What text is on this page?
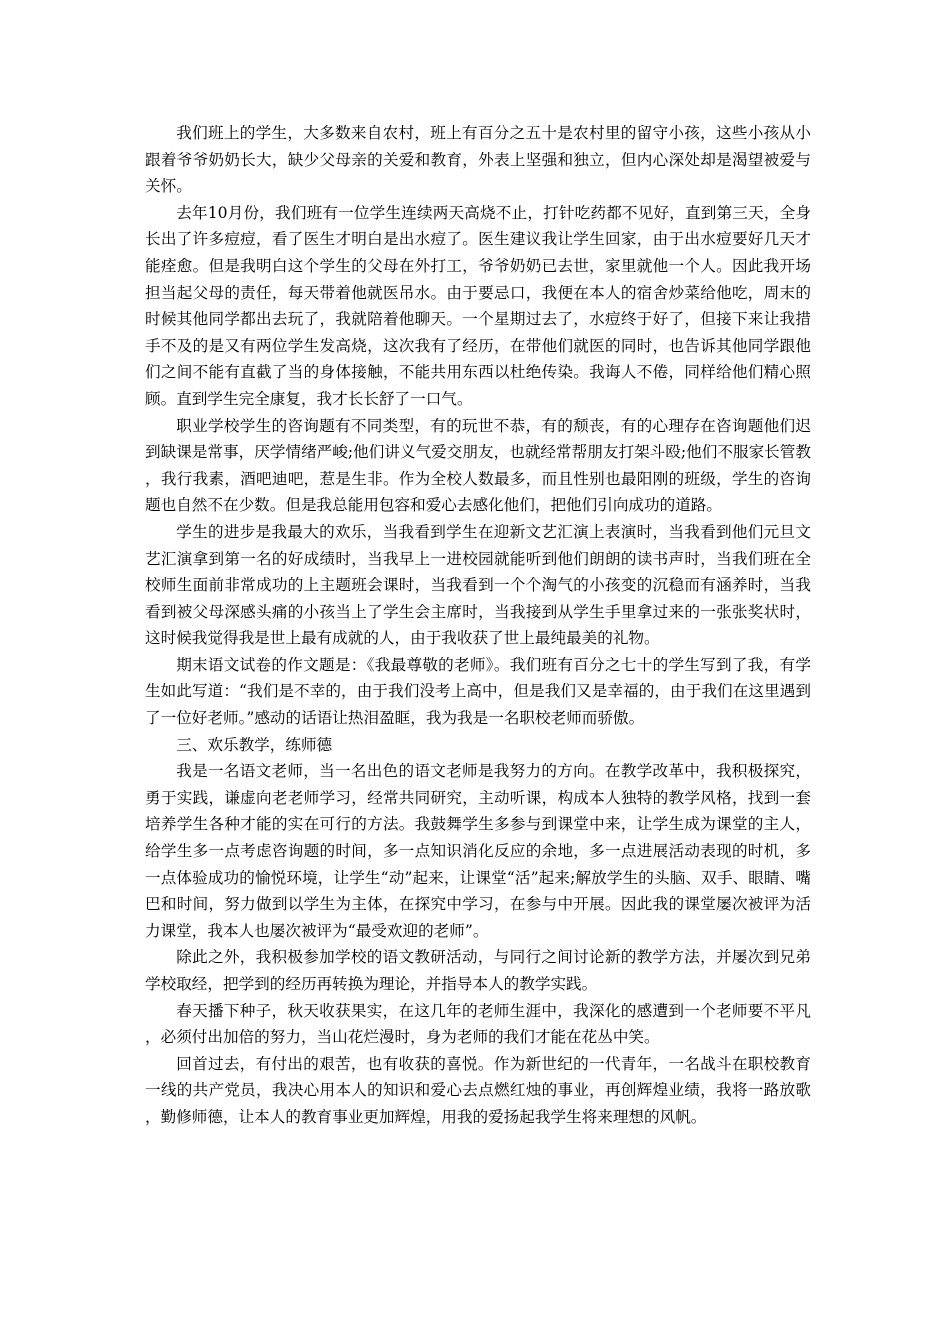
我们班上的学生，大多数来自农村，班上有百分之五十是农村里的留守小孩，这些小孩从小跟着爷爷奶奶长大，缺少父母亲的关爱和教育，外表上坚强和独立，但内心深处却是渴望被爱与关怀。

去年10月份，我们班有一位学生连续两天高烧不止，打针吃药都不见好，直到第三天，全身长出了许多痘痘，看了医生才明白是出水痘了。医生建议我让学生回家，由于出水痘要好几天才能痊愈。但是我明白这个学生的父母在外打工，爷爷奶奶已去世，家里就他一个人。因此我开场担当起父母的责任，每天带着他就医吊水。由于要忌口，我便在本人的宿舍炒菜给他吃，周末的时候其他同学都出去玩了，我就陪着他聊天。一个星期过去了，水痘终于好了，但接下来让我措手不及的是又有两位学生发高烧，这次我有了经历，在带他们就医的同时，也告诉其他同学跟他们之间不能有直截了当的身体接触，不能共用东西以杜绝传染。我诲人不倦，同样给他们精心照顾。直到学生完全康复，我才长长舒了一口气。

职业学校学生的咨询题有不同类型，有的玩世不恭，有的颓丧，有的心理存在咨询题他们迟到缺课是常事，厌学情绪严峻;他们讲义气爱交朋友，也就经常帮朋友打架斗殴;他们不服家长管教，我行我素，酒吧迪吧，惹是生非。作为全校人数最多，而且性别也最阳刚的班级，学生的咨询题也自然不在少数。但是我总能用包容和爱心去感化他们，把他们引向成功的道路。

学生的进步是我最大的欢乐，当我看到学生在迎新文艺汇演上表演时，当我看到他们元旦文艺汇演拿到第一名的好成绩时，当我早上一进校园就能听到他们朗朗的读书声时，当我们班在全校师生面前非常成功的上主题班会课时，当我看到一个个淘气的小孩变的沉稳而有涵养时，当我看到被父母深感头痛的小孩当上了学生会主席时，当我接到从学生手里拿过来的一张张奖状时，这时候我觉得我是世上最有成就的人，由于我收获了世上最纯最美的礼物。

期末语文试卷的作文题是：《我最尊敬的老师》。我们班有百分之七十的学生写到了我，有学生如此写道：“我们是不幸的，由于我们没考上高中，但是我们又是幸福的，由于我们在这里遇到了一位好老师。”感动的话语让热泪盈眶，我为我是一名职校老师而骄傲。

三、欢乐教学，练师德

我是一名语文老师，当一名出色的语文老师是我努力的方向。在教学改革中，我积极探究，勇于实践，谦虚向老老师学习，经常共同研究，主动听课，构成本人独特的教学风格，找到一套培养学生各种才能的实在可行的方法。我鼓舞学生多参与到课堂中来，让学生成为课堂的主人，给学生多一点考虑咨询题的时间，多一点知识消化反应的余地，多一点进展活动表现的时机，多一点体验成功的愉悦环境，让学生“动”起来，让课堂“活”起来;解放学生的头脑、双手、眼睛、嘴巴和时间，努力做到以学生为主体，在探究中学习，在参与中开展。因此我的课堂屡次被评为活力课堂，我本人也屡次被评为“最受欢迎的老师”。

除此之外，我积极参加学校的语文教研活动，与同行之间讨论新的教学方法，并屡次到兄弟学校取经，把学到的经历再转换为理论，并指导本人的教学实践。

春天播下种子，秋天收获果实，在这几年的老师生涯中，我深化的感遭到一个老师要不平凡，必须付出加倍的努力，当山花烂漫时，身为老师的我们才能在花丛中笑。

回首过去，有付出的艰苦，也有收获的喜悦。作为新世纪的一代青年，一名战斗在职校教育一线的共产党员，我决心用本人的知识和爱心去点燃红烛的事业，再创辉煌业绩，我将一路放歌，勤修师德，让本人的教育事业更加辉煌，用我的爱扬起我学生将来理想的风帆。
